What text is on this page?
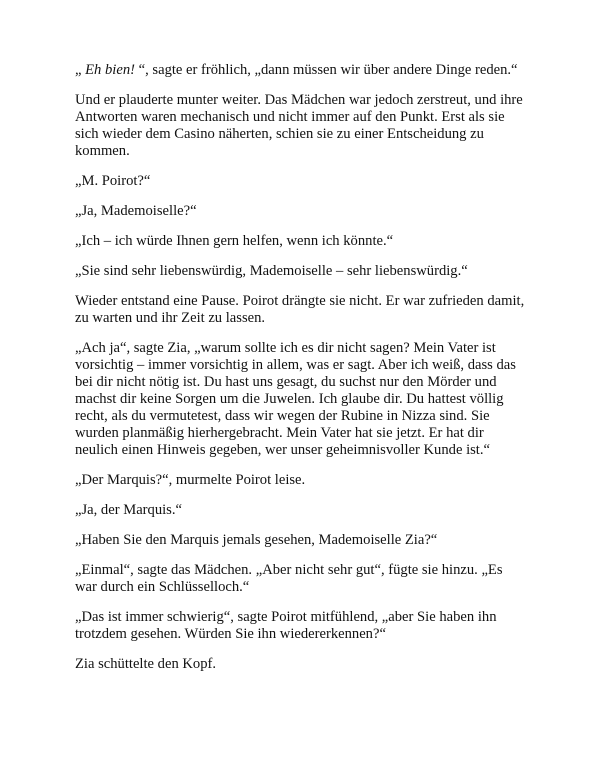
„ Eh bien! “, sagte er fröhlich, „dann müssen wir über andere Dinge reden.“

Und er plauderte munter weiter. Das Mädchen war jedoch zerstreut, und ihre Antworten waren mechanisch und nicht immer auf den Punkt. Erst als sie sich wieder dem Casino näherten, schien sie zu einer Entscheidung zu kommen.

„M. Poirot?“

„Ja, Mademoiselle?“

„Ich – ich würde Ihnen gern helfen, wenn ich könnte.“

„Sie sind sehr liebenswürdig, Mademoiselle – sehr liebenswürdig.“

Wieder entstand eine Pause. Poirot drängte sie nicht. Er war zufrieden damit, zu warten und ihr Zeit zu lassen.

„Ach ja“, sagte Zia, „warum sollte ich es dir nicht sagen? Mein Vater ist vorsichtig – immer vorsichtig in allem, was er sagt. Aber ich weiß, dass das bei dir nicht nötig ist. Du hast uns gesagt, du suchst nur den Mörder und machst dir keine Sorgen um die Juwelen. Ich glaube dir. Du hattest völlig recht, als du vermutetest, dass wir wegen der Rubine in Nizza sind. Sie wurden planmäßig hierhergebracht. Mein Vater hat sie jetzt. Er hat dir neulich einen Hinweis gegeben, wer unser geheimnisvoller Kunde ist.“

„Der Marquis?“, murmelte Poirot leise.

„Ja, der Marquis.“

„Haben Sie den Marquis jemals gesehen, Mademoiselle Zia?“

„Einmal“, sagte das Mädchen. „Aber nicht sehr gut“, fügte sie hinzu. „Es war durch ein Schlüsselloch.“

„Das ist immer schwierig“, sagte Poirot mitfühlend, „aber Sie haben ihn trotzdem gesehen. Würden Sie ihn wiedererkennen?“

Zia schüttelte den Kopf.
